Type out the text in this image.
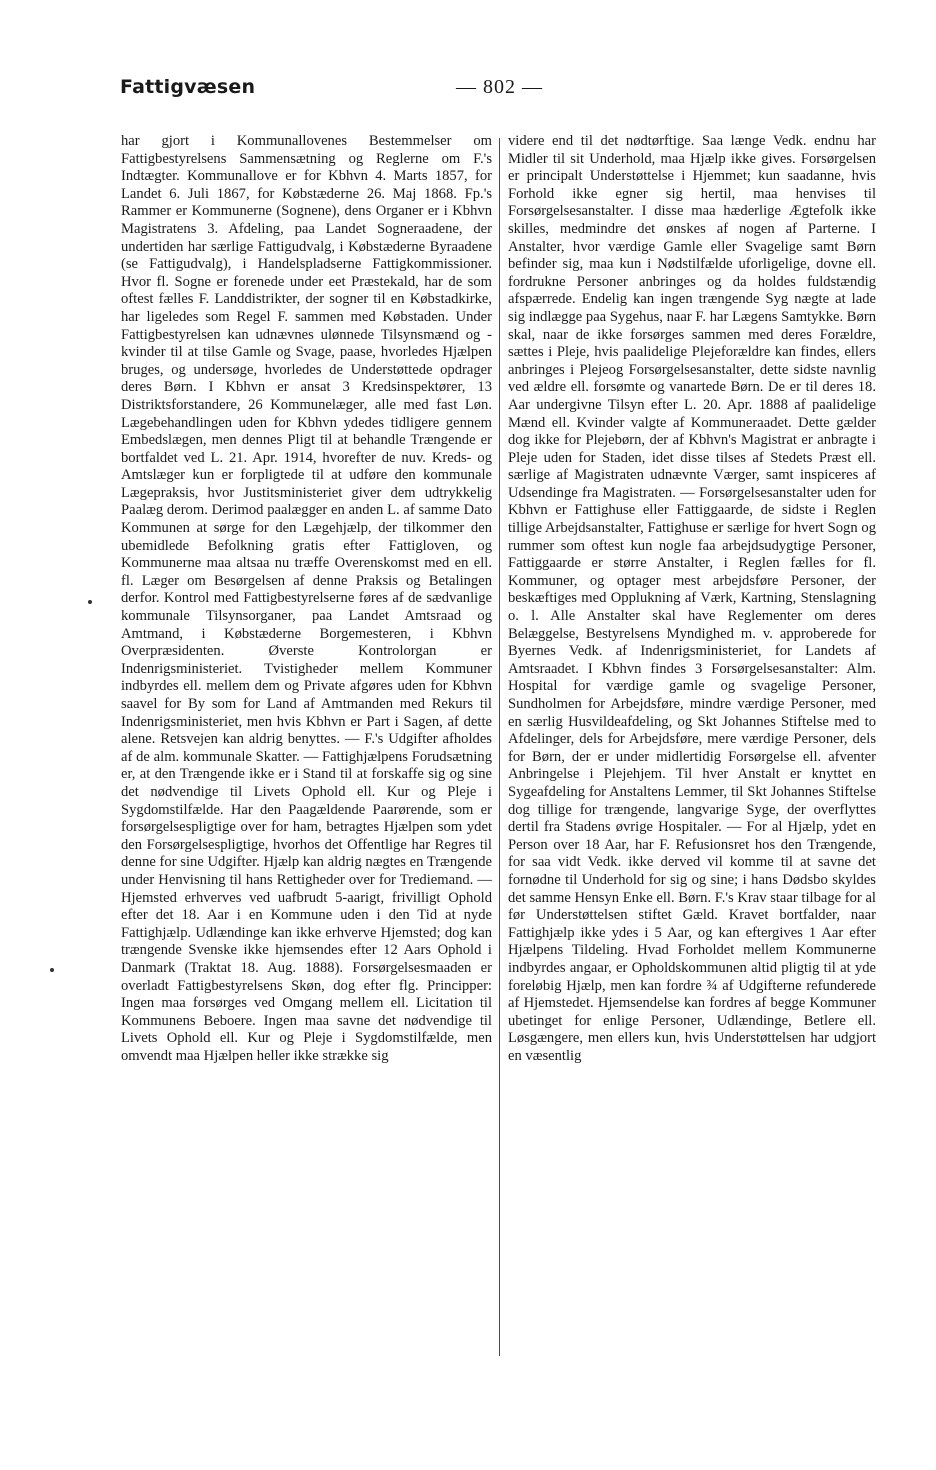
Fattigvæsen	— 802 —

har gjort i Kommunallovenes Bestemmelser om Fattigbestyrelsens Sammensætning og Reglerne om F.'s Indtægter. Kommunallove er for Kbhvn 4. Marts 1857, for Landet 6. Juli 1867, for Købstæderne 26. Maj 1868. Fp.'s Rammer er Kommunerne (Sognene), dens Organer er i Kbhvn Magistratens 3. Afdeling, paa Landet Sogneraadene, der undertiden har særlige Fattigudvalg, i Købstæderne Byraadene (se Fattigudvalg), i Handelspladserne Fattigkommissioner. Hvor fl. Sogne er forenede under eet Præstekald, har de som oftest fælles F. Landdistrikter, der sogner til en Købstadkirke, har ligeledes som Regel F. sammen med Købstaden. Under Fattigbestyrelsen kan udnævnes ulønnede Tilsynsmænd og -kvinder til at tilse Gamle og Svage, paase, hvorledes Hjælpen bruges, og undersøge, hvorledes de Understøttede opdrager deres Børn. I Kbhvn er ansat 3 Kredsinspektører, 13 Distriktsforstandere, 26 Kommunelæger, alle med fast Løn. Lægebehandlingen uden for Kbhvn ydedes tidligere gennem Embedslægen, men dennes Pligt til at behandle Trængende er bortfaldet ved L. 21. Apr. 1914, hvorefter de nuv. Kreds- og Amtslæger kun er forpligtede til at udføre den kommunale Lægepraksis, hvor Justitsministeriet giver dem udtrykkelig Paalæg derom. Derimod paalægger en anden L. af samme Dato Kommunen at sørge for den Lægehjælp, der tilkommer den ubemidlede Befolkning gratis efter Fattigloven, og Kommunerne maa altsaa nu træffe Overenskomst med en ell. fl. Læger om Besørgelsen af denne Praksis og Betalingen derfor. Kontrol med Fattigbestyrelserne føres af de sædvanlige kommunale Tilsynsorganer, paa Landet Amtsraad og Amtmand, i Købstæderne Borgemesteren, i Kbhvn Overpræsidenten. Øverste Kontrolorgan er Indenrigsministeriet. Tvistigheder mellem Kommuner indbyrdes ell. mellem dem og Private afgøres uden for Kbhvn saavel for By som for Land af Amtmanden med Rekurs til Indenrigsministeriet, men hvis Kbhvn er Part i Sagen, af dette alene. Retsvejen kan aldrig benyttes. — F.'s Udgifter afholdes af de alm. kommunale Skatter. — Fattighjælpens Forudsætning er, at den Trængende ikke er i Stand til at forskaffe sig og sine det nødvendige til Livets Ophold ell. Kur og Pleje i Sygdomstilfælde. Har den Paagældende Paarørende, som er forsørgelsespligtige over for ham, betragtes Hjælpen som ydet den Forsørgelsespligtige, hvorhos det Offentlige har Regres til denne for sine Udgifter. Hjælp kan aldrig nægtes en Trængende under Henvisning til hans Rettigheder over for Trediemand. — Hjemsted erhverves ved uafbrudt 5-aarigt, frivilligt Ophold efter det 18. Aar i en Kommune uden i den Tid at nyde Fattighjælp. Udlændinge kan ikke erhverve Hjemsted; dog kan trængende Svenske ikke hjemsendes efter 12 Aars Ophold i Danmark (Traktat 18. Aug. 1888). Forsørgelsesmaaden er overladt Fattigbestyrelsens Skøn, dog efter flg. Principper: Ingen maa forsørges ved Omgang mellem ell. Licitation til Kommunens Beboere. Ingen maa savne det nødvendige til Livets Ophold ell. Kur og Pleje i Sygdomstilfælde, men omvendt maa Hjælpen heller ikke strække sig

videre end til det nødtørftige. Saa længe Vedk. endnu har Midler til sit Underhold, maa Hjælp ikke gives. Forsørgelsen er principalt Understøttelse i Hjemmet; kun saadanne, hvis Forhold ikke egner sig hertil, maa henvises til Forsørgelsesanstalter. I disse maa hæderlige Ægtefolk ikke skilles, medmindre det ønskes af nogen af Parterne. I Anstalter, hvor værdige Gamle eller Svagelige samt Børn befinder sig, maa kun i Nødstilfælde uforligelige, dovne ell. fordrukne Personer anbringes og da holdes fuldstændig afspærrede. Endelig kan ingen trængende Syg nægte at lade sig indlægge paa Sygehus, naar F. har Lægens Samtykke. Børn skal, naar de ikke forsørges sammen med deres Forældre, sættes i Pleje, hvis paalidelige Plejeforældre kan findes, ellers anbringes i Plejeog Forsørgelsesanstalter, dette sidste navnlig ved ældre ell. forsømte og vanartede Børn. De er til deres 18. Aar undergivne Tilsyn efter L. 20. Apr. 1888 af paalidelige Mænd ell. Kvinder valgte af Kommuneraadet. Dette gælder dog ikke for Plejebørn, der af Kbhvn's Magistrat er anbragte i Pleje uden for Staden, idet disse tilses af Stedets Præst ell. særlige af Magistraten udnævnte Værger, samt inspiceres af Udsendinge fra Magistraten. — Forsørgelsesanstalter uden for Kbhvn er Fattighuse eller Fattiggaarde, de sidste i Reglen tillige Arbejdsanstalter, Fattighuse er særlige for hvert Sogn og rummer som oftest kun nogle faa arbejdsudygtige Personer, Fattiggaarde er større Anstalter, i Reglen fælles for fl. Kommuner, og optager mest arbejdsføre Personer, der beskæftiges med Opplukning af Værk, Kartning, Stenslagning o. l. Alle Anstalter skal have Reglementer om deres Belæggelse, Bestyrelsens Myndighed m. v. approberede for Byernes Vedk. af Indenrigsministeriet, for Landets af Amtsraadet. I Kbhvn findes 3 Forsørgelsesanstalter: Alm. Hospital for værdige gamle og svagelige Personer, Sundholmen for Arbejdsføre, mindre værdige Personer, med en særlig Husvildeafdeling, og Skt Johannes Stiftelse med to Afdelinger, dels for Arbejdsføre, mere værdige Personer, dels for Børn, der er under midlertidig Forsørgelse ell. afventer Anbringelse i Plejehjem. Til hver Anstalt er knyttet en Sygeafdeling for Anstaltens Lemmer, til Skt Johannes Stiftelse dog tillige for trængende, langvarige Syge, der overflyttes dertil fra Stadens øvrige Hospitaler. — For al Hjælp, ydet en Person over 18 Aar, har F. Refusionsret hos den Trængende, for saa vidt Vedk. ikke derved vil komme til at savne det fornødne til Underhold for sig og sine; i hans Dødsbo skyldes det samme Hensyn Enke ell. Børn. F.'s Krav staar tilbage for al før Understøttelsen stiftet Gæld. Kravet bortfalder, naar Fattighjælp ikke ydes i 5 Aar, og kan eftergives 1 Aar efter Hjælpens Tildeling. Hvad Forholdet mellem Kommunerne indbyrdes angaar, er Opholdskommunen altid pligtig til at yde foreløbig Hjælp, men kan fordre ¾ af Udgifterne refunderede af Hjemstedet. Hjemsendelse kan fordres af begge Kommuner ubetinget for enlige Personer, Udlændinge, Betlere ell. Løsgængere, men ellers kun, hvis Understøttelsen har udgjort en væsentlig
